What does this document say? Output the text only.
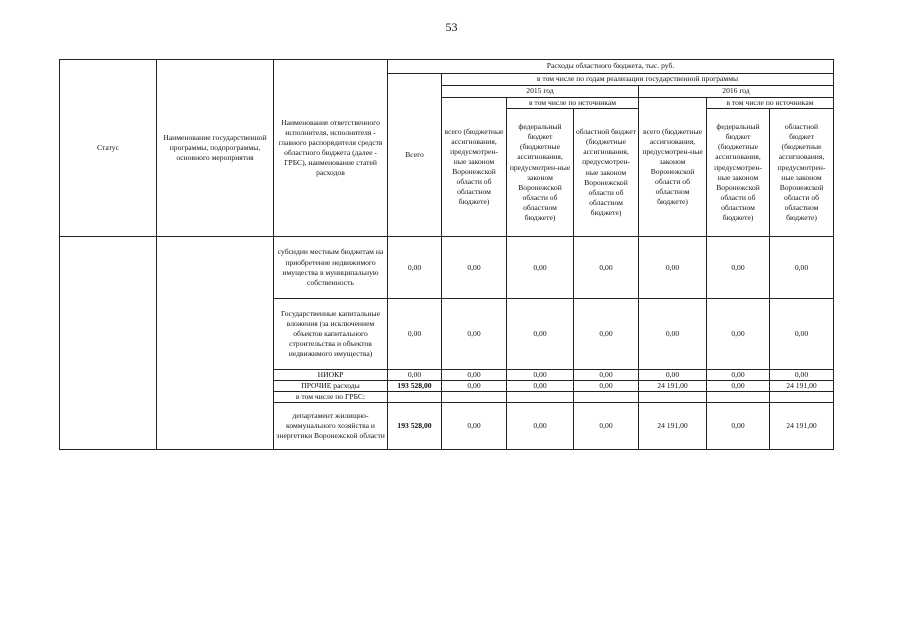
53
Статус	Наименование государственной программы, подпрограммы, основного мероприятия	Наименование ответственного исполнителя, исполнителя - главного распорядителя средств областного бюджета (далее - ГРБС), наименование статей расходов	Расходы областного бюджета, тыс. руб.						
			Всего	в том числе по годам реализации государственной программы					
				2015 год			2016 год		
				всего (бюджетные ассигнования, предусмотрен-ные законом Воронежской области об областном бюджете)	в том числе по источникам		всего (бюджетные ассигнования, предусмотрен-ные законом Воронежской области об областном бюджете)	в том числе по источникам	
					федеральный бюджет (бюджетные ассигнования, предусмотрен-ные законом Воронежской области об областном бюджете)	областной бюджет (бюджетные ассигнования, предусмотрен-ные законом Воронежской области об областном бюджете)		федеральный бюджет (бюджетные ассигнования, предусмотрен-ные законом Воронежской области об областном бюджете)	областной бюджет (бюджетные ассигнования, предусмотрен-ные законом Воронежской области об областном бюджете)
		субсидии местным бюджетам на приобретение недвижимого имущества в муниципальную собственность	0,00	0,00	0,00	0,00	0,00	0,00	0,00
		Государственные капитальные вложения (за исключением объектов капитального строительства и объектов недвижимого имущества)	0,00	0,00	0,00	0,00	0,00	0,00	0,00
		НИОКР	0,00	0,00	0,00	0,00	0,00	0,00	0,00
		ПРОЧИЕ расходы	193 528,00	0,00	0,00	0,00	24 191,00	0,00	24 191,00
		в том числе по ГРБС:							
		департамент жилищно-коммунального хозяйства и энергетики Воронежской области	193 528,00	0,00	0,00	0,00	24 191,00	0,00	24 191,00
